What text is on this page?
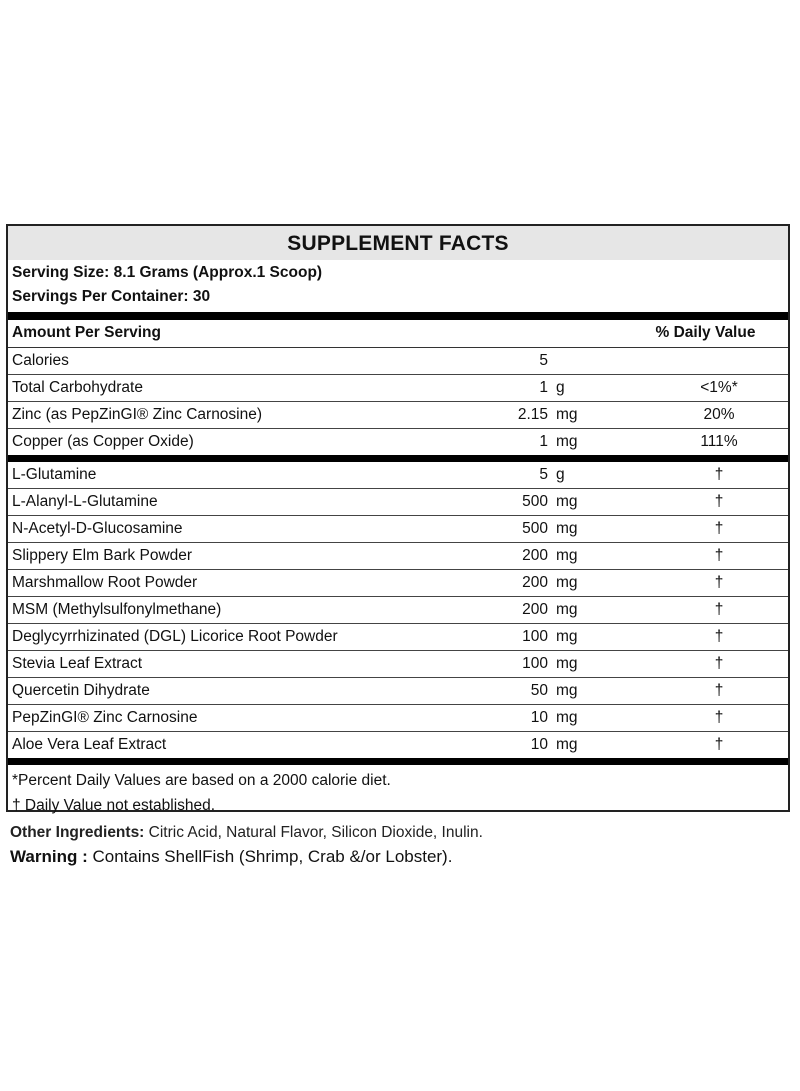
SUPPLEMENT FACTS
Serving Size: 8.1 Grams (Approx.1 Scoop)
Servings Per Container: 30
Amount Per Serving	% Daily Value
Calories	5
Total Carbohydrate	1 g	<1%*
Zinc (as PepZinGI® Zinc Carnosine)	2.15 mg	20%
Copper (as Copper Oxide)	1 mg	111%
L-Glutamine	5 g	†
L-Alanyl-L-Glutamine	500 mg	†
N-Acetyl-D-Glucosamine	500 mg	†
Slippery Elm Bark Powder	200 mg	†
Marshmallow Root Powder	200 mg	†
MSM (Methylsulfonylmethane)	200 mg	†
Deglycyrrhizinated (DGL) Licorice Root Powder	100 mg	†
Stevia Leaf Extract	100 mg	†
Quercetin Dihydrate	50 mg	†
PepZinGI® Zinc Carnosine	10 mg	†
Aloe Vera Leaf Extract	10 mg	†
*Percent Daily Values are based on a 2000 calorie diet.
† Daily Value not established.
Other Ingredients: Citric Acid, Natural Flavor, Silicon Dioxide, Inulin.
Warning : Contains ShellFish (Shrimp, Crab &/or Lobster).
